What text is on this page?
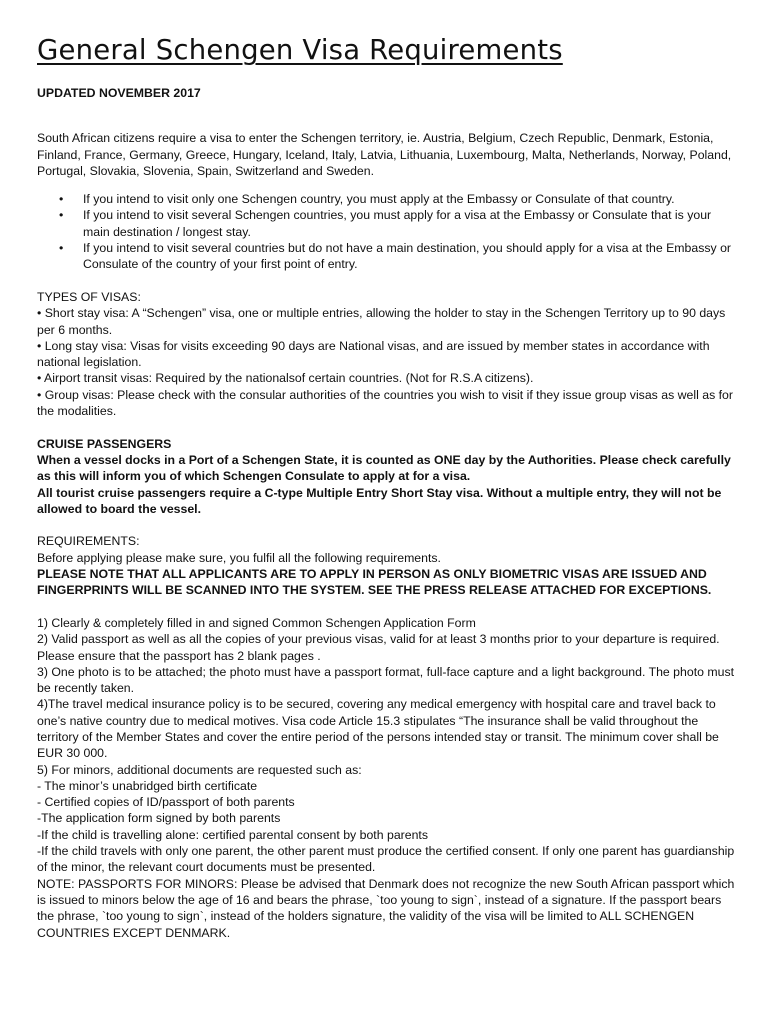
General Schengen Visa Requirements

UPDATED NOVEMBER 2017

South African citizens require a visa to enter the Schengen territory, ie. Austria, Belgium, Czech Republic, Denmark, Estonia, Finland, France, Germany, Greece, Hungary, Iceland, Italy, Latvia, Lithuania, Luxembourg, Malta, Netherlands, Norway, Poland, Portugal, Slovakia, Slovenia, Spain, Switzerland and Sweden.

• If you intend to visit only one Schengen country, you must apply at the Embassy or Consulate of that country.
• If you intend to visit several Schengen countries, you must apply for a visa at the Embassy or Consulate that is your main destination / longest stay.
• If you intend to visit several countries but do not have a main destination, you should apply for a visa at the Embassy or Consulate of the country of your first point of entry.

TYPES OF VISAS:

• Short stay visa: A “Schengen” visa, one or multiple entries, allowing the holder to stay in the Schengen Territory up to 90 days per 6 months.

• Long stay visa: Visas for visits exceeding 90 days are National visas, and are issued by member states in accordance with national legislation.

• Airport transit visas: Required by the nationalsof certain countries. (Not for R.S.A citizens).

• Group visas: Please check with the consular authorities of the countries you wish to visit if they issue group visas as well as for the modalities.

CRUISE PASSENGERS

When a vessel docks in a Port of a Schengen State, it is counted as ONE day by the Authorities. Please check carefully as this will inform you of which Schengen Consulate to apply at for a visa.

All tourist cruise passengers require a C-type Multiple Entry Short Stay visa. Without a multiple entry, they will not be allowed to board the vessel.

REQUIREMENTS:

Before applying please make sure, you fulfil all the following requirements.

PLEASE NOTE THAT ALL APPLICANTS ARE TO APPLY IN PERSON AS ONLY BIOMETRIC VISAS ARE ISSUED AND FINGERPRINTS WILL BE SCANNED INTO THE SYSTEM. SEE THE PRESS RELEASE ATTACHED FOR EXCEPTIONS.

1) Clearly & completely filled in and signed Common Schengen Application Form

2) Valid passport as well as all the copies of your previous visas, valid for at least 3 months prior to your departure is required. Please ensure that the passport has 2 blank pages .

3) One photo is to be attached; the photo must have a passport format, full-face capture and a light background. The photo must be recently taken.

4)The travel medical insurance policy is to be secured, covering any medical emergency with hospital care and travel back to one’s native country due to medical motives. Visa code Article 15.3 stipulates “The insurance shall be valid throughout the territory of the Member States and cover the entire period of the persons intended stay or transit. The minimum cover shall be EUR 30 000.

5) For minors, additional documents are requested such as:

- The minor’s unabridged birth certificate

- Certified copies of ID/passport of both parents

-The application form signed by both parents

-If the child is travelling alone: certified parental consent by both parents

-If the child travels with only one parent, the other parent must produce the certified consent. If only one parent has guardianship of the minor, the relevant court documents must be presented.

NOTE: PASSPORTS FOR MINORS: Please be advised that Denmark does not recognize the new South African passport which is issued to minors below the age of 16 and bears the phrase, `too young to sign`, instead of a signature. If the passport bears the phrase, `too young to sign`, instead of the holders signature, the validity of the visa will be limited to ALL SCHENGEN COUNTRIES EXCEPT DENMARK.
